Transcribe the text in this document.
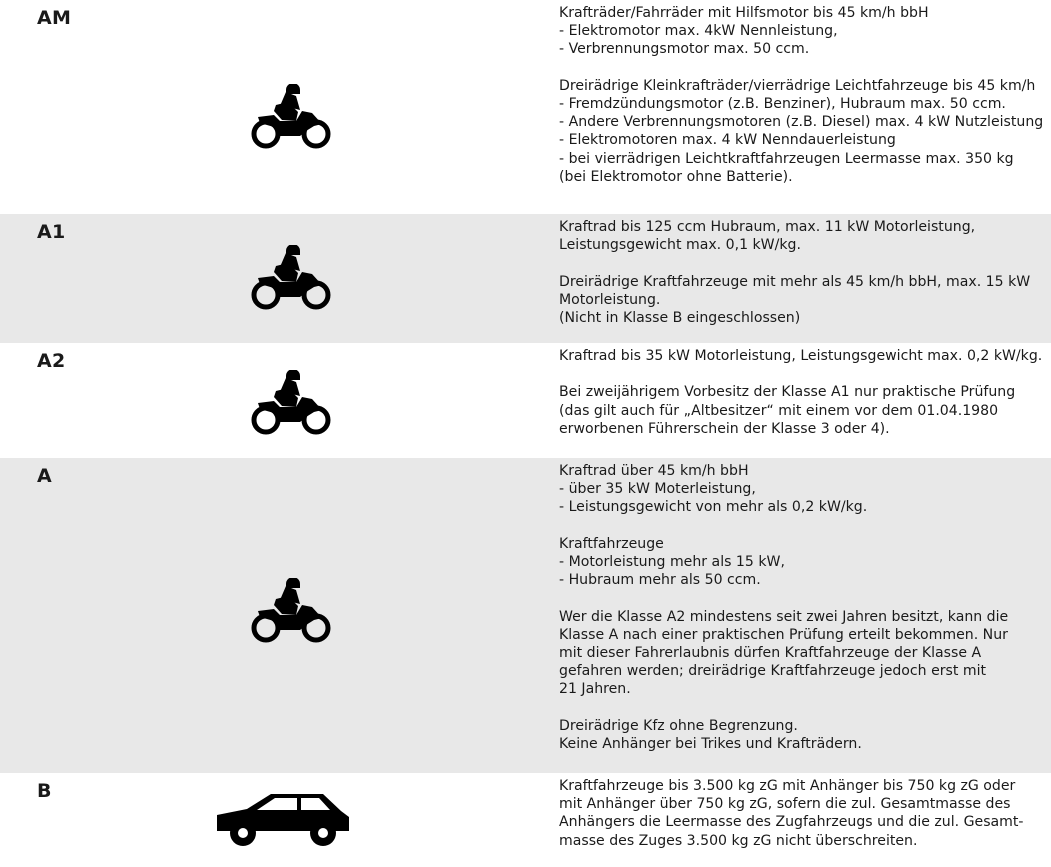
AM	Krafträder/Fahrräder mit Hilfsmotor bis 45 km/h bbH
- Elektromotor max. 4kW Nennleistung,
- Verbrennungsmotor max. 50 ccm.

Dreirädrige Kleinkrafträder/vierrädrige Leichtfahrzeuge bis 45 km/h
- Fremdzündungsmotor (z.B. Benziner), Hubraum max. 50 ccm.
- Andere Verbrennungsmotoren (z.B. Diesel) max. 4 kW Nutzleistung
- Elektromotoren max. 4 kW Nenndauerleistung
- bei vierrädrigen Leichtkraftfahrzeugen Leermasse max. 350 kg
(bei Elektromotor ohne Batterie).

A1	Kraftrad bis 125 ccm Hubraum, max. 11 kW Motorleistung,
Leistungsgewicht max. 0,1 kW/kg.

Dreirädrige Kraftfahrzeuge mit mehr als 45 km/h bbH, max. 15 kW
Motorleistung.
(Nicht in Klasse B eingeschlossen)

A2	Kraftrad bis 35 kW Motorleistung, Leistungsgewicht max. 0,2 kW/kg.

Bei zweijährigem Vorbesitz der Klasse A1 nur praktische Prüfung
(das gilt auch für „Altbesitzer“ mit einem vor dem 01.04.1980
erworbenen Führerschein der Klasse 3 oder 4).

A	Kraftrad über 45 km/h bbH
- über 35 kW Moterleistung,
- Leistungsgewicht von mehr als 0,2 kW/kg.

Kraftfahrzeuge
- Motorleistung mehr als 15 kW,
- Hubraum mehr als 50 ccm.

Wer die Klasse A2 mindestens seit zwei Jahren besitzt, kann die
Klasse A nach einer praktischen Prüfung erteilt bekommen. Nur
mit dieser Fahrerlaubnis dürfen Kraftfahrzeuge der Klasse A
gefahren werden; dreirädrige Kraftfahrzeuge jedoch erst mit
21 Jahren.

Dreirädrige Kfz ohne Begrenzung.
Keine Anhänger bei Trikes und Krafträdern.

B	Kraftfahrzeuge bis 3.500 kg zG mit Anhänger bis 750 kg zG oder
mit Anhänger über 750 kg zG, sofern die zul. Gesamtmasse des
Anhängers die Leermasse des Zugfahrzeugs und die zul. Gesamt-
masse des Zuges 3.500 kg zG nicht überschreiten.
